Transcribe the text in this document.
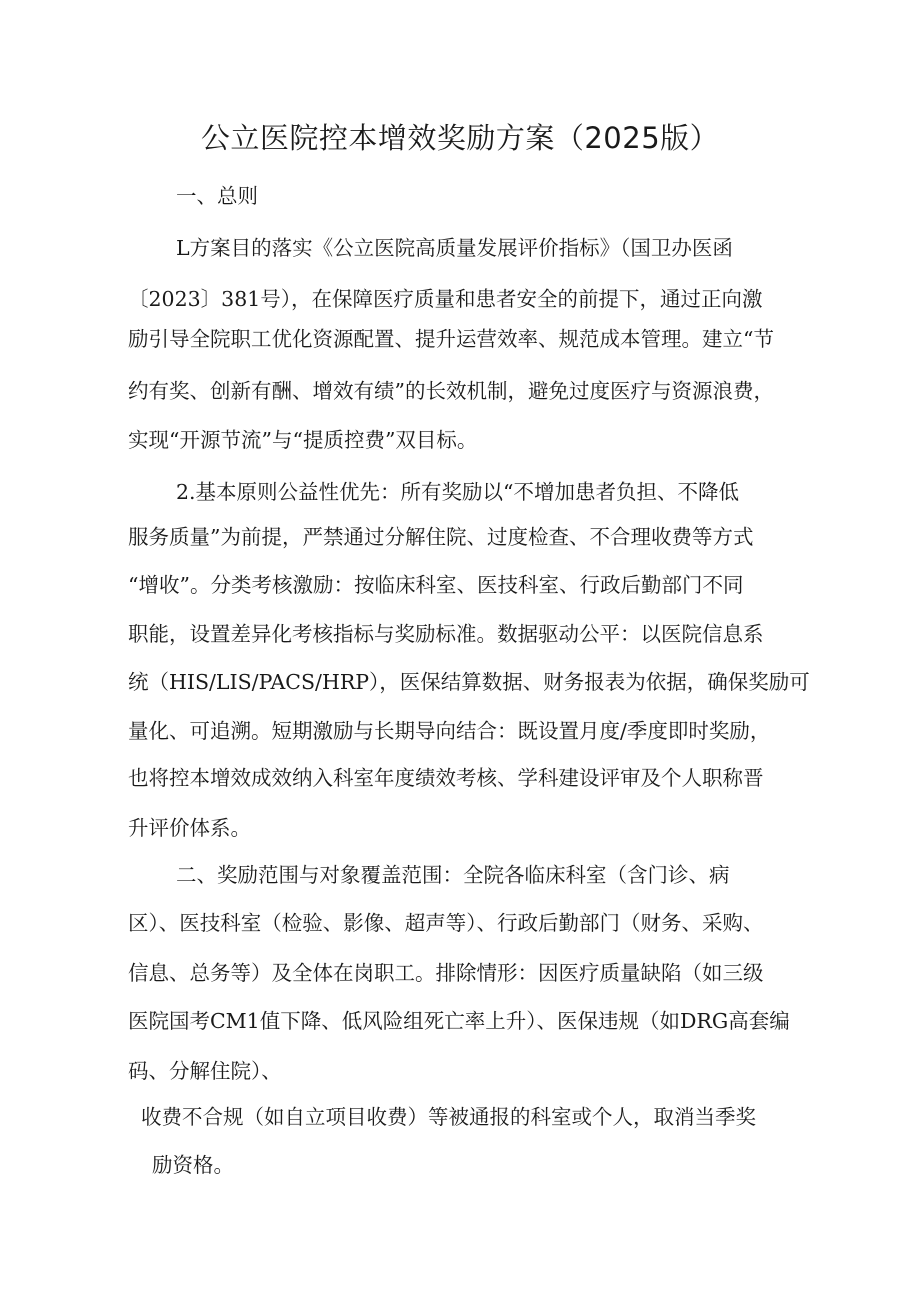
公立医院控本增效奖励方案（2025版）

一、总则

L方案目的落实《公立医院高质量发展评价指标》（国卫办医函

〔2023〕381号），在保障医疗质量和患者安全的前提下，通过正向激

励引导全院职工优化资源配置、提升运营效率、规范成本管理。建立“节

约有奖、创新有酬、增效有绩”的长效机制，避免过度医疗与资源浪费，

实现“开源节流”与“提质控费”双目标。

2.基本原则公益性优先：所有奖励以“不增加患者负担、不降低

服务质量”为前提，严禁通过分解住院、过度检查、不合理收费等方式

“增收”。分类考核激励：按临床科室、医技科室、行政后勤部门不同

职能，设置差异化考核指标与奖励标准。数据驱动公平：以医院信息系

统（HIS/LIS/PACS/HRP），医保结算数据、财务报表为依据，确保奖励可

量化、可追溯。短期激励与长期导向结合：既设置月度/季度即时奖励，

也将控本增效成效纳入科室年度绩效考核、学科建设评审及个人职称晋

升评价体系。

二、奖励范围与对象覆盖范围：全院各临床科室（含门诊、病

区）、医技科室（检验、影像、超声等）、行政后勤部门（财务、采购、

信息、总务等）及全体在岗职工。排除情形：因医疗质量缺陷（如三级

医院国考CM1值下降、低风险组死亡率上升）、医保违规（如DRG高套编

码、分解住院）、

收费不合规（如自立项目收费）等被通报的科室或个人，取消当季奖

励资格。
